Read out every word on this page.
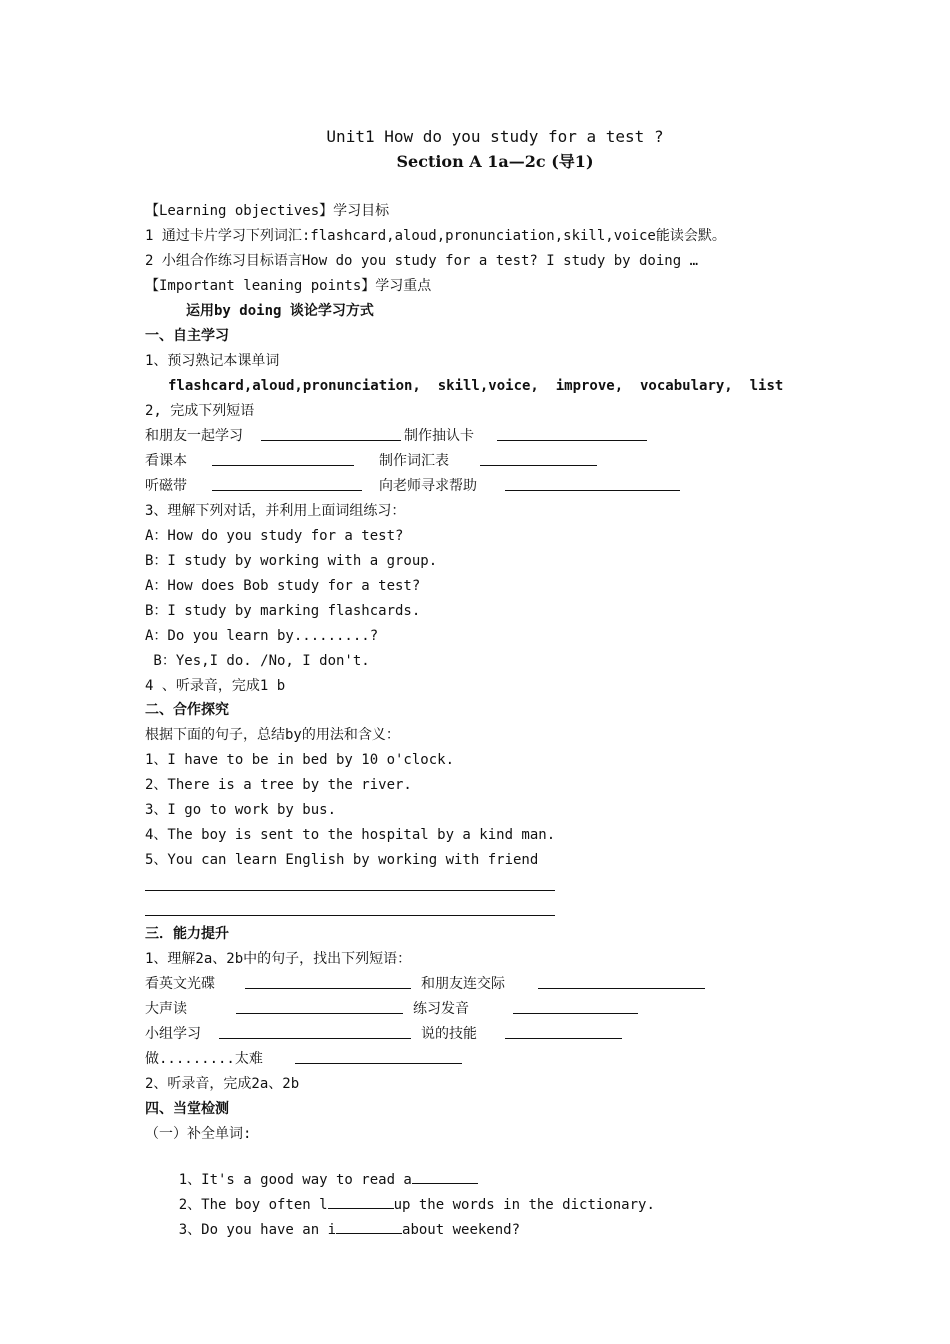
Unit1 How do you study for a test ?
Section A 1a—2c (导1)
【Learning objectives】学习目标
1 通过卡片学习下列词汇:flashcard,aloud,pronunciation,skill,voice能读会默。
2 小组合作练习目标语言How do you study for a test? I study by doing …
【Important leaning points】学习重点
运用by doing 谈论学习方式
一、自主学习
1、预习熟记本课单词
flashcard,aloud,pronunciation,  skill,voice,  improve,  vocabulary,  list
2, 完成下列短语
和朋友一起学习	制作抽认卡
看课本	制作词汇表
听磁带	向老师寻求帮助
3、理解下列对话，并利用上面词组练习：
A：How do you study for a test?
B：I study by working with a group.
A：How does Bob study for a test?
B：I study by marking flashcards.
A：Do you learn by.........?
B：Yes,I do. /No, I don't.
4 、听录音，完成1 b
二、合作探究
根据下面的句子，总结by的用法和含义：
1、I have to be in bed by 10 o'clock.
2、There is a tree by the river.
3、I go to work by bus.
4、The boy is sent to the hospital by a kind man.
5、You can learn English by working with friend
三．能力提升
1、理解2a、2b中的句子，找出下列短语：
看英文光碟	和朋友连交际
大声读	练习发音
小组学习	说的技能
做.........太难
2、听录音，完成2a、2b
四、当堂检测
（一）补全单词:

1、It's a good way to read a

2、The boy often l	up the words in the dictionary.

3、Do you have an i	about weekend?
